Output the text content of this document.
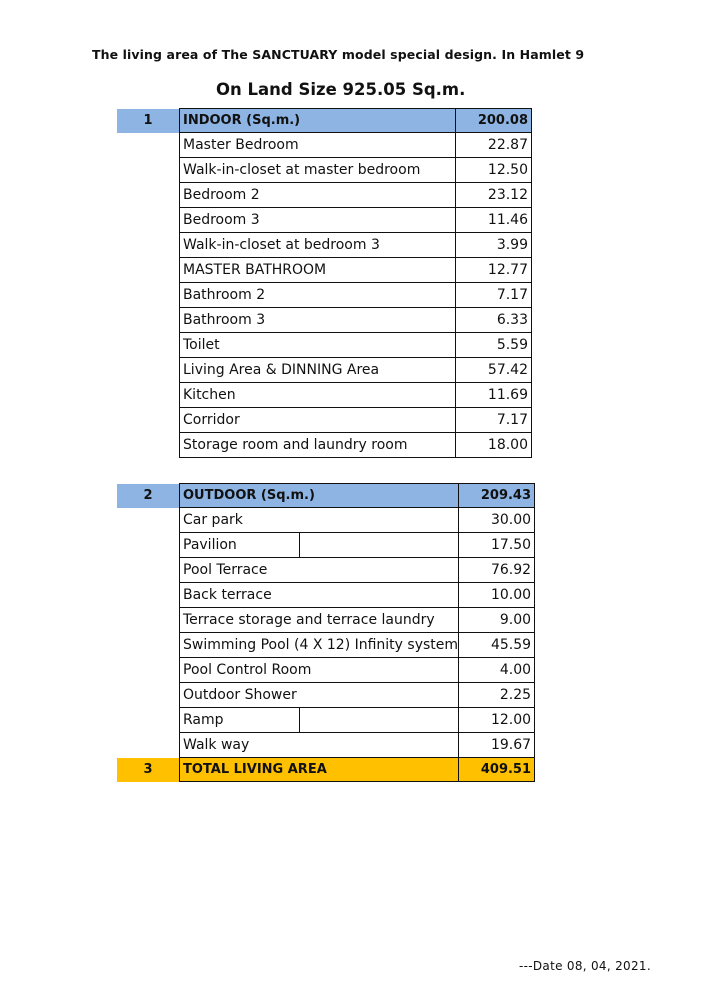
The living area of The SANCTUARY model special design. In Hamlet 9
On Land Size 925.05 Sq.m.
1	INDOOR (Sq.m.)	200.08
	Master Bedroom	22.87
	Walk-in-closet at master bedroom	12.50
	Bedroom 2	23.12
	Bedroom 3	11.46
	Walk-in-closet at bedroom 3	3.99
	MASTER BATHROOM	12.77
	Bathroom 2	7.17
	Bathroom 3	6.33
	Toilet	5.59
	Living Area & DINNING Area	57.42
	Kitchen	11.69
	Corridor	7.17
	Storage room and laundry room	18.00
2	OUTDOOR (Sq.m.)	209.43
	Car park	30.00
	Pavilion	17.50
	Pool Terrace	76.92
	Back terrace	10.00
	Terrace storage and terrace laundry	9.00
	Swimming Pool (4 X 12) Infinity system	45.59
	Pool Control Room	4.00
	Outdoor Shower	2.25
	Ramp	12.00
	Walk way	19.67
3	TOTAL LIVING AREA	409.51
---Date 08, 04, 2021.
